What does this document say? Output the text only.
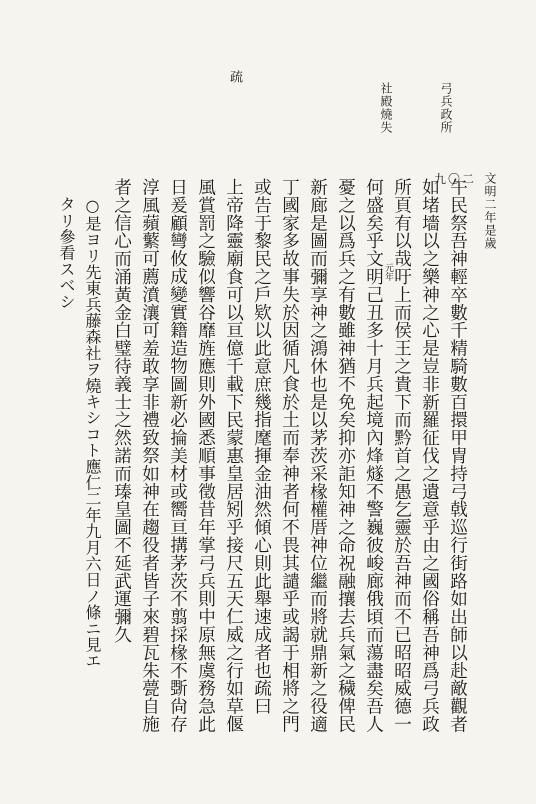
疏
弓兵政所
社殿燒失
文明二年是歲
九〇二
午民祭吾神輕卒數千精騎數百擐甲冑持弓戟巡行街路如出師以赴敵觀者
如堵墻以之樂神之心是豈非新羅征伐之遺意乎由之國俗稱吾神爲弓兵政
所頁有以哉吁上而侯王之貴下而黔首之愚乞靈於吾神而不已昭昭威德一
何盛矣乎文明己丑多十月兵起境內烽燧不警巍彼峻廊俄頃而蕩盡矣吾人
憂之以爲兵之有數雖神猶不免矣抑亦詎知神之命祝融攘去兵氣之穢俾民
新廊是圖而彌享神之鴻休也是以茅茨采椽權厝神位繼而將就鼎新之役適
丁國家多故事失於因循凡食於土而奉神者何不畏其譴乎或謁于相將之門
或告于黎民之戶欵以此意庶幾指麾揮金油然傾心則此舉速成者也疏曰
上帝降靈廟食可以亘億千載下民蒙惠皇居矧乎接尺五天仁威之行如草偃
風賞罰之驗似響谷靡旌應則外國悉順事徵昔年掌弓兵則中原無虞務急此
日爰顧彎攸成變實籍造物圖新必掄美材或嚮亘搆茅茨不翦採椽不斲尙存
淳風蘋蘩可薦濆瀼可羞敢享非禮致祭如神在趨役者皆子來碧瓦朱甍自施
者之信心而涌黃金白璧待義士之然諾而瑧皇圖不延武運彌久	元年
○是ヨリ先東兵藤森社ヲ燒キシコト應仁二年九月六日ノ條ニ見エ
タリ參看スベシ
